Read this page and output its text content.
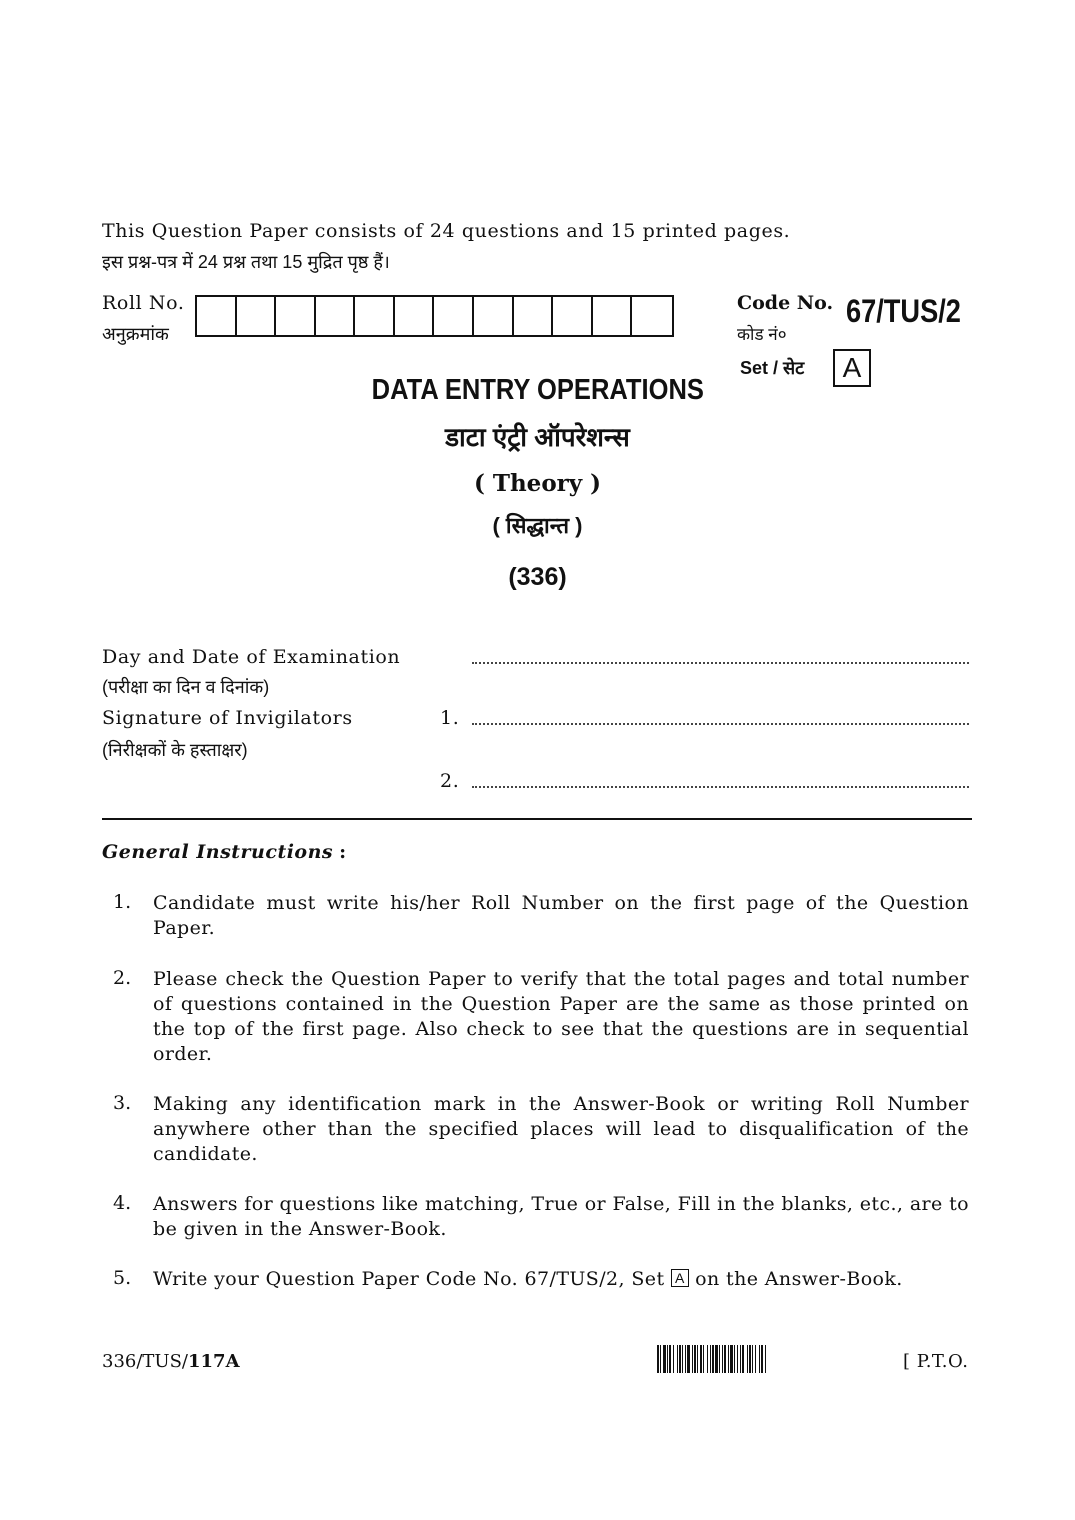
This Question Paper consists of 24 questions and 15 printed pages.
इस प्रश्न-पत्र में 24 प्रश्न तथा 15 मुद्रित पृष्ठ हैं।
Roll No.
अनुक्रमांक
Code No.
कोड नं०
67/TUS/2
Set / सेट	A
DATA ENTRY OPERATIONS
डाटा एंट्री ऑपरेशन्स
( Theory )
( सिद्धान्त )
(336)
Day and Date of Examination
(परीक्षा का दिन व दिनांक)
Signature of Invigilators
(निरीक्षकों के हस्ताक्षर)
1.
2.
General Instructions :
1. Candidate must write his/her Roll Number on the first page of the Question Paper.
2. Please check the Question Paper to verify that the total pages and total number of questions contained in the Question Paper are the same as those printed on the top of the first page. Also check to see that the questions are in sequential order.
3. Making any identification mark in the Answer-Book or writing Roll Number anywhere other than the specified places will lead to disqualification of the candidate.
4. Answers for questions like matching, True or False, Fill in the blanks, etc., are to be given in the Answer-Book.
5. Write your Question Paper Code No. 67/TUS/2, Set A on the Answer-Book.
336/TUS/117A	[ P.T.O.
